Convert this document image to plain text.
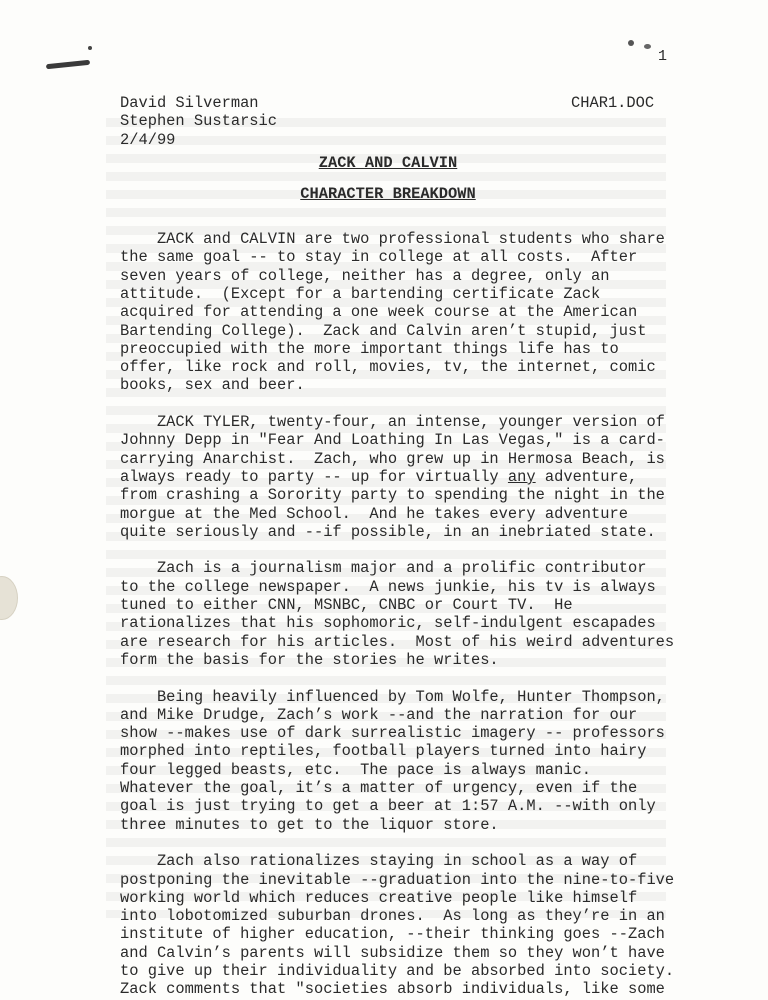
1
David Silverman
Stephen Sustarsic
2/4/99
CHAR1.DOC
ZACK AND CALVIN
CHARACTER BREAKDOWN
ZACK and CALVIN are two professional students who share
the same goal -- to stay in college at all costs.  After
seven years of college, neither has a degree, only an
attitude.  (Except for a bartending certificate Zack
acquired for attending a one week course at the American
Bartending College).  Zack and Calvin aren’t stupid, just
preoccupied with the more important things life has to
offer, like rock and roll, movies, tv, the internet, comic
books, sex and beer.
ZACK TYLER, twenty-four, an intense, younger version of
Johnny Depp in "Fear And Loathing In Las Vegas," is a card-
carrying Anarchist.  Zach, who grew up in Hermosa Beach, is
always ready to party -- up for virtually any adventure,
from crashing a Sorority party to spending the night in the
morgue at the Med School.  And he takes every adventure
quite seriously and --if possible, in an inebriated state.
Zach is a journalism major and a prolific contributor
to the college newspaper.  A news junkie, his tv is always
tuned to either CNN, MSNBC, CNBC or Court TV.  He
rationalizes that his sophomoric, self-indulgent escapades
are research for his articles.  Most of his weird adventures
form the basis for the stories he writes.
Being heavily influenced by Tom Wolfe, Hunter Thompson,
and Mike Drudge, Zach’s work --and the narration for our
show --makes use of dark surrealistic imagery -- professors
morphed into reptiles, football players turned into hairy
four legged beasts, etc.  The pace is always manic.
Whatever the goal, it’s a matter of urgency, even if the
goal is just trying to get a beer at 1:57 A.M. --with only
three minutes to get to the liquor store.
Zach also rationalizes staying in school as a way of
postponing the inevitable --graduation into the nine-to-five
working world which reduces creative people like himself
into lobotomized suburban drones.  As long as they’re in an
institute of higher education, --their thinking goes --Zach
and Calvin’s parents will subsidize them so they won’t have
to give up their individuality and be absorbed into society.
Zack comments that "societies absorb individuals, like some
